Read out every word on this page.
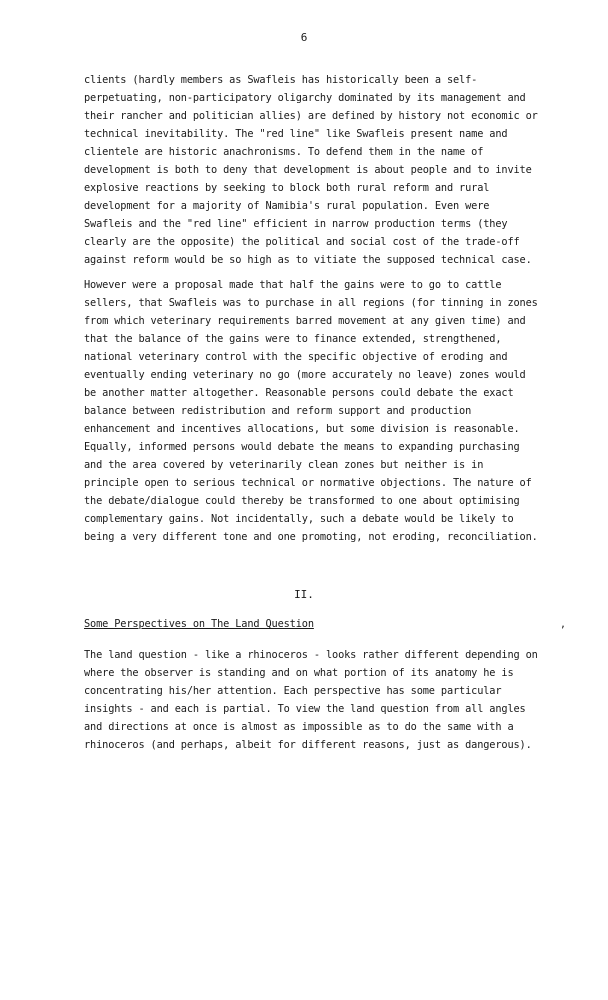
6
clients (hardly members as Swafleis has historically been a self-
perpetuating, non-participatory oligarchy dominated by its management and
their rancher and politician allies) are defined by history not economic or
technical inevitability. The "red line" like Swafleis present name and
clientele are historic anachronisms. To defend them in the name of
development is both to deny that development is about people and to invite
explosive reactions by seeking to block both rural reform and rural
development for a majority of Namibia's rural population. Even were
Swafleis and the "red line" efficient in narrow production terms (they
clearly are the opposite) the political and social cost of the trade-off
against reform would be so high as to vitiate the supposed technical case.
However were a proposal made that half the gains were to go to cattle
sellers, that Swafleis was to purchase in all regions (for tinning in zones
from which veterinary requirements barred movement at any given time) and
that the balance of the gains were to finance extended, strengthened,
national veterinary control with the specific objective of eroding and
eventually ending veterinary no go (more accurately no leave) zones would
be another matter altogether. Reasonable persons could debate the exact
balance between redistribution and reform support and production
enhancement and incentives allocations, but some division is reasonable.
Equally, informed persons would debate the means to expanding purchasing
and the area covered by veterinarily clean zones but neither is in
principle open to serious technical or normative objections. The nature of
the debate/dialogue could thereby be transformed to one about optimising
complementary gains. Not incidentally, such a debate would be likely to
being a very different tone and one promoting, not eroding, reconciliation.
II.
Some Perspectives on The Land Question	,
The land question - like a rhinoceros - looks rather different depending on
where the observer is standing and on what portion of its anatomy he is
concentrating his/her attention. Each perspective has some particular
insights - and each is partial. To view the land question from all angles
and directions at once is almost as impossible as to do the same with a
rhinoceros (and perhaps, albeit for different reasons, just as dangerous).
